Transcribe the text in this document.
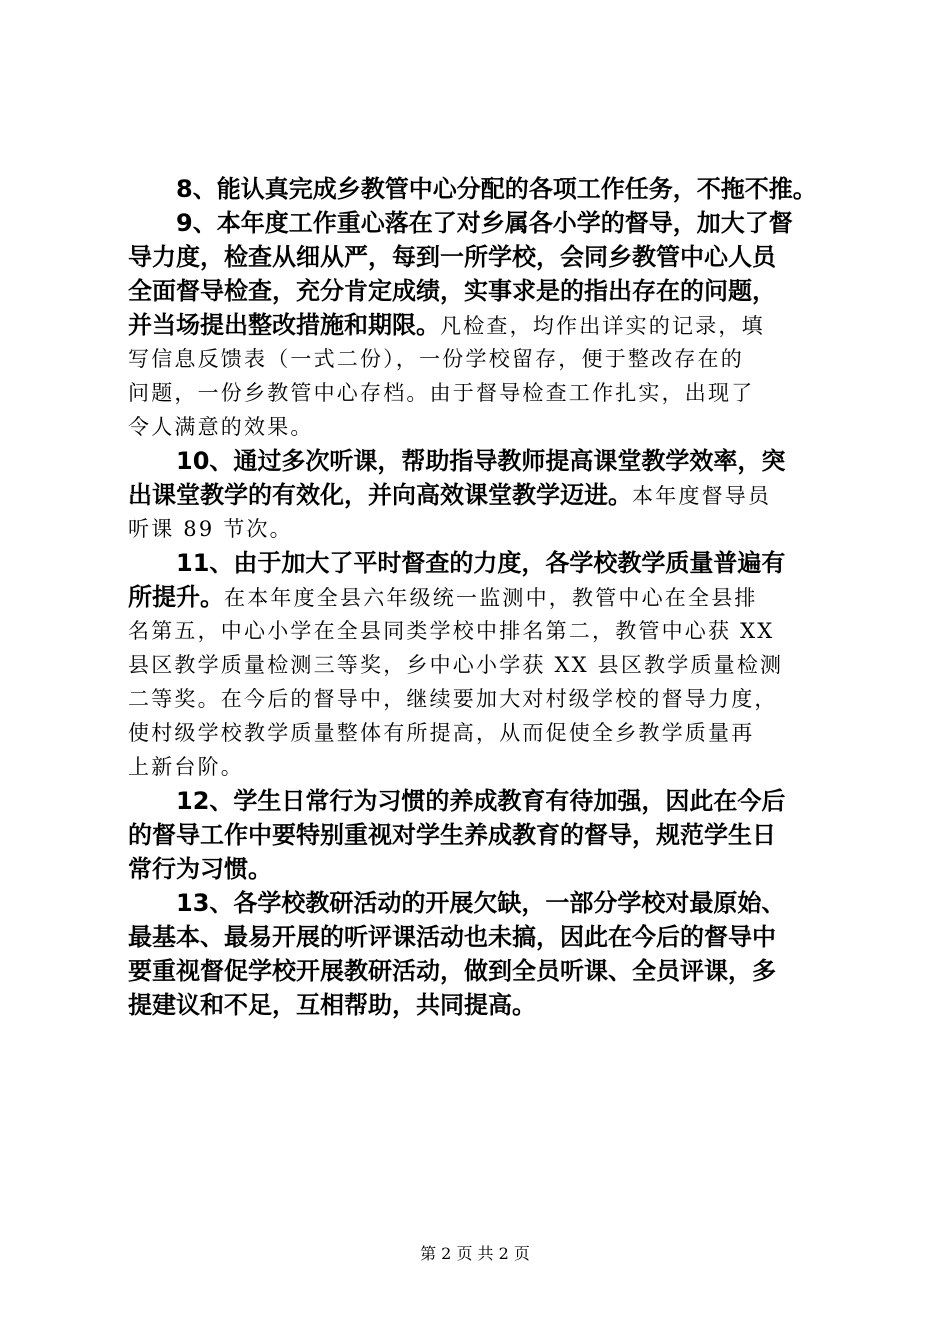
8、能认真完成乡教管中心分配的各项工作任务，不拖不推。
9、本年度工作重心落在了对乡属各小学的督导，加大了督
导力度，检查从细从严，每到一所学校，会同乡教管中心人员
全面督导检查，充分肯定成绩，实事求是的指出存在的问题，
并当场提出整改措施和期限。凡检查，均作出详实的记录，填
写信息反馈表（一式二份），一份学校留存，便于整改存在的
问题，一份乡教管中心存档。由于督导检查工作扎实，出现了
令人满意的效果。
10、通过多次听课，帮助指导教师提高课堂教学效率，突
出课堂教学的有效化，并向高效课堂教学迈进。本年度督导员
听课 89 节次。
11、由于加大了平时督查的力度，各学校教学质量普遍有
所提升。在本年度全县六年级统一监测中，教管中心在全县排
名第五，中心小学在全县同类学校中排名第二，教管中心获 XX
县区教学质量检测三等奖，乡中心小学获 XX 县区教学质量检测
二等奖。在今后的督导中，继续要加大对村级学校的督导力度，
使村级学校教学质量整体有所提高，从而促使全乡教学质量再
上新台阶。
12、学生日常行为习惯的养成教育有待加强，因此在今后
的督导工作中要特别重视对学生养成教育的督导，规范学生日
常行为习惯。
13、各学校教研活动的开展欠缺，一部分学校对最原始、
最基本、最易开展的听评课活动也未搞，因此在今后的督导中
要重视督促学校开展教研活动，做到全员听课、全员评课，多
提建议和不足，互相帮助，共同提高。
第 2 页 共 2 页
